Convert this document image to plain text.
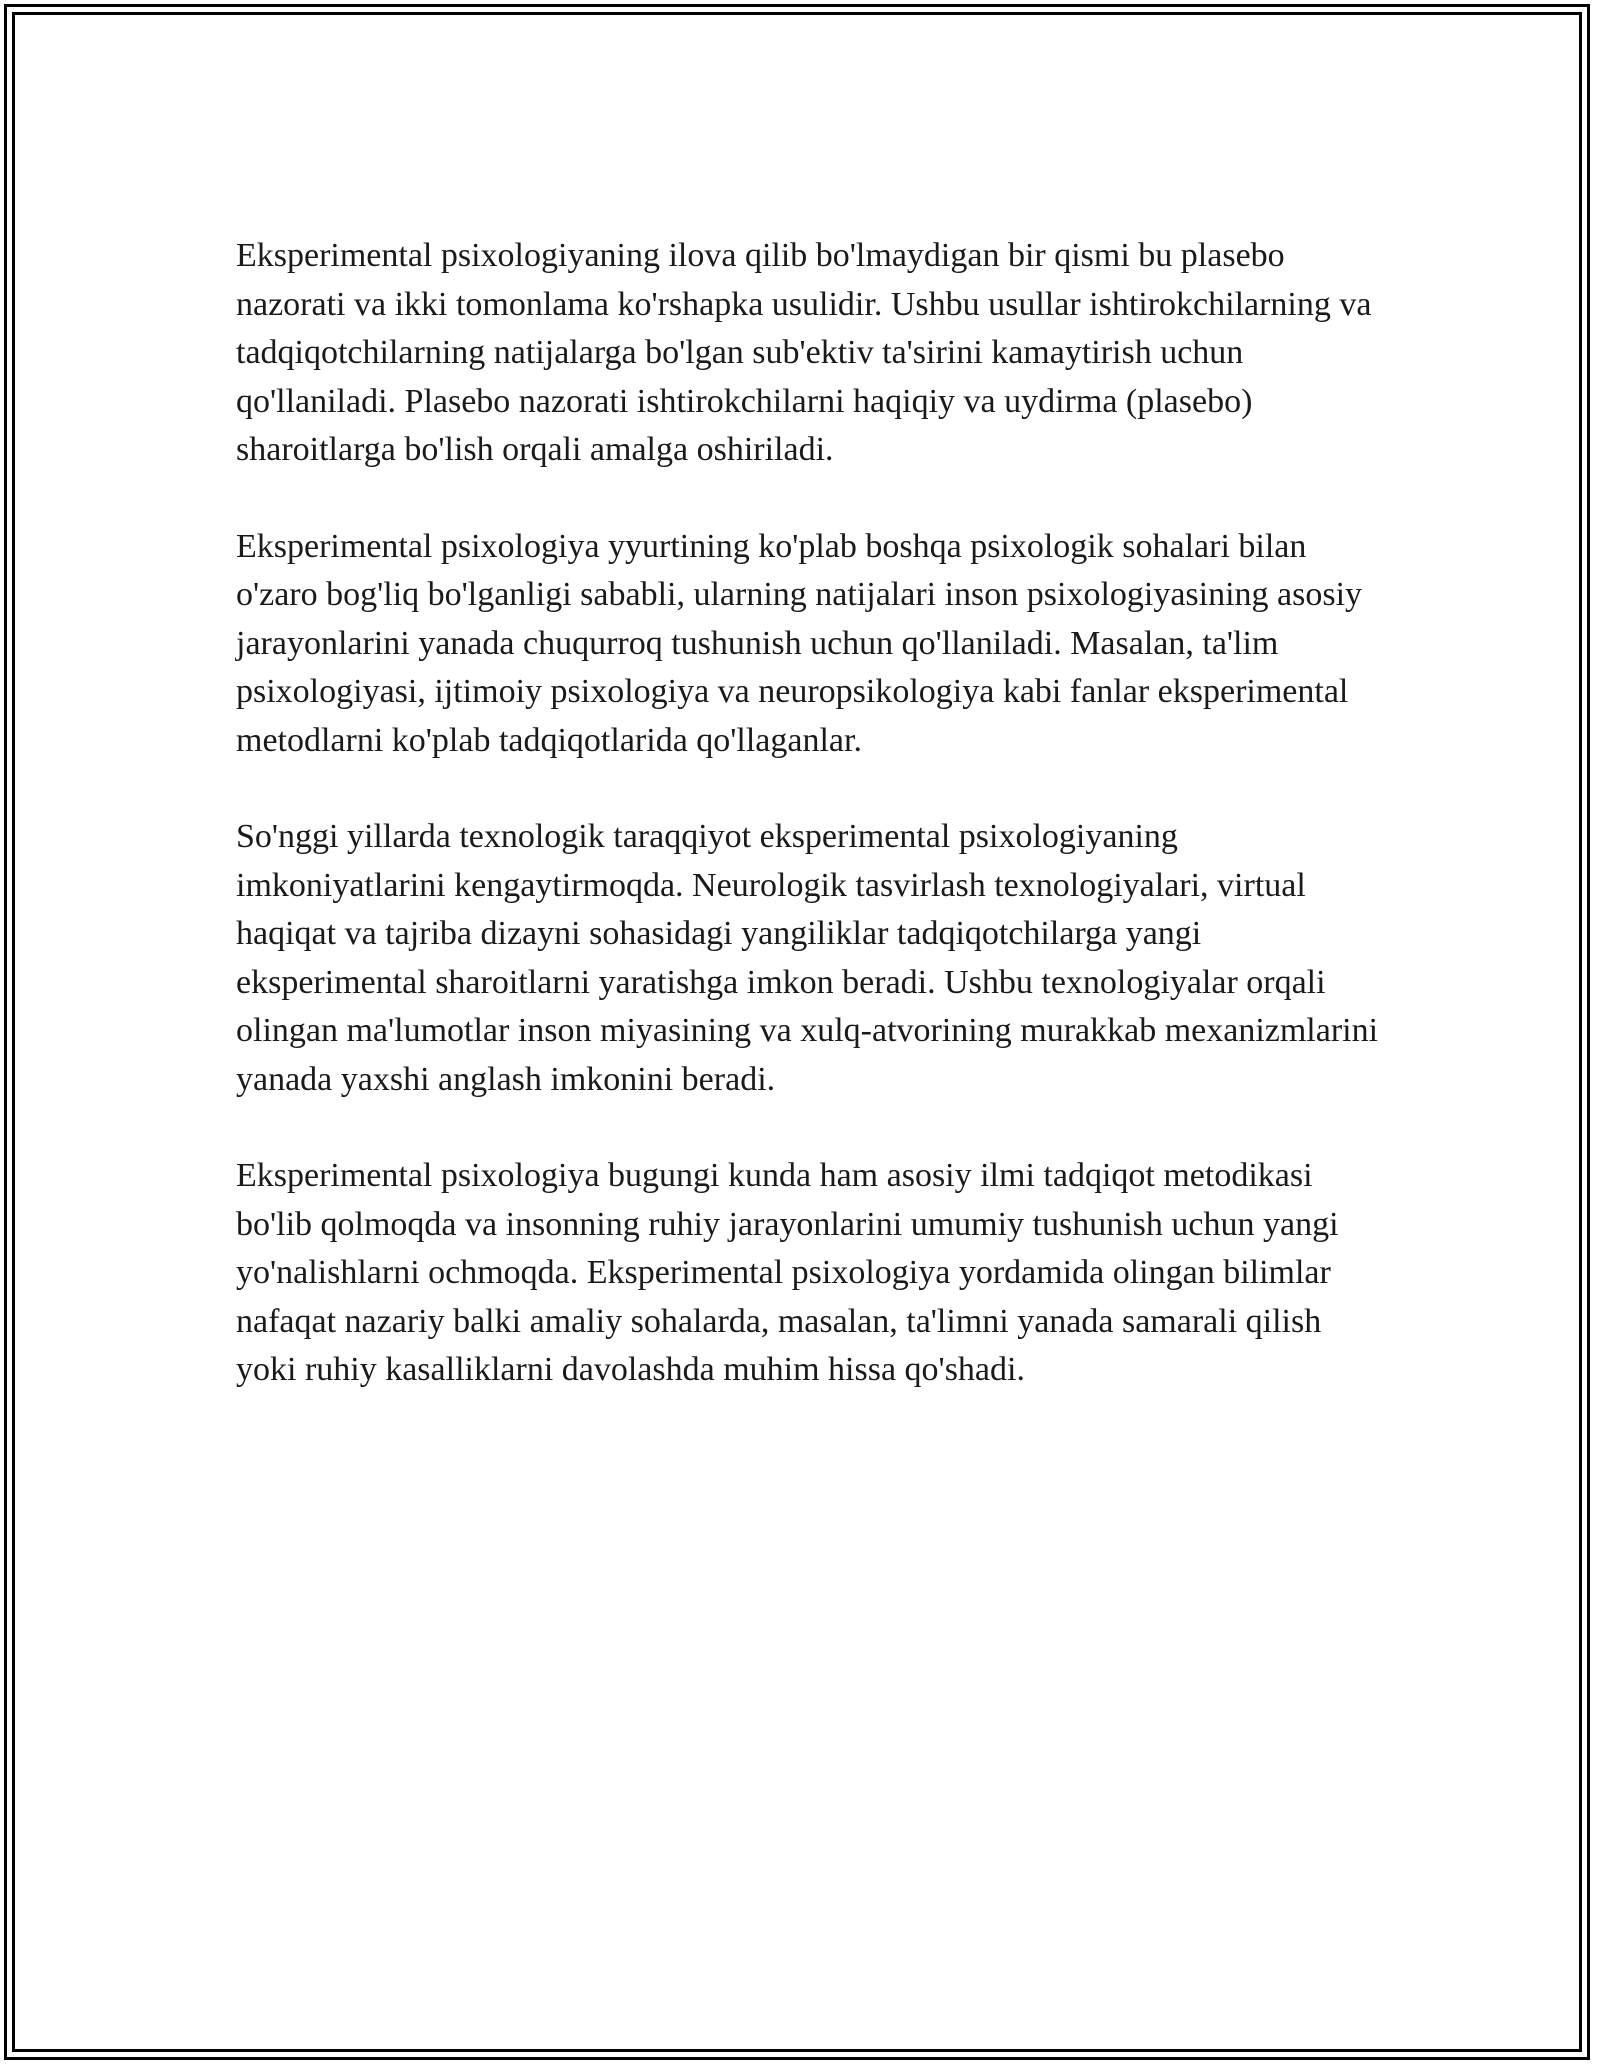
Eksperimental psixologiyaning ilova qilib bo'lmaydigan bir qismi bu plasebo nazorati va ikki tomonlama ko'rshapka usulidir. Ushbu usullar ishtirokchilarning va tadqiqotchilarning natijalarga bo'lgan sub'ektiv ta'sirini kamaytirish uchun qo'llaniladi. Plasebo nazorati ishtirokchilarni haqiqiy va uydirma (plasebo) sharoitlarga bo'lish orqali amalga oshiriladi.

Eksperimental psixologiya yyurtining ko'plab boshqa psixologik sohalari bilan o'zaro bog'liq bo'lganligi sababli, ularning natijalari inson psixologiyasining asosiy jarayonlarini yanada chuqurroq tushunish uchun qo'llaniladi. Masalan, ta'lim psixologiyasi, ijtimoiy psixologiya va neuropsikologiya kabi fanlar eksperimental metodlarni ko'plab tadqiqotlarida qo'llaganlar.

So'nggi yillarda texnologik taraqqiyot eksperimental psixologiyaning imkoniyatlarini kengaytirmoqda. Neurologik tasvirlash texnologiyalari, virtual haqiqat va tajriba dizayni sohasidagi yangiliklar tadqiqotchilarga yangi eksperimental sharoitlarni yaratishga imkon beradi. Ushbu texnologiyalar orqali olingan ma'lumotlar inson miyasining va xulq-atvorining murakkab mexanizmlarini yanada yaxshi anglash imkonini beradi.

Eksperimental psixologiya bugungi kunda ham asosiy ilmi tadqiqot metodikasi bo'lib qolmoqda va insonning ruhiy jarayonlarini umumiy tushunish uchun yangi yo'nalishlarni ochmoqda. Eksperimental psixologiya yordamida olingan bilimlar nafaqat nazariy balki amaliy sohalarda, masalan, ta'limni yanada samarali qilish yoki ruhiy kasalliklarni davolashda muhim hissa qo'shadi.
